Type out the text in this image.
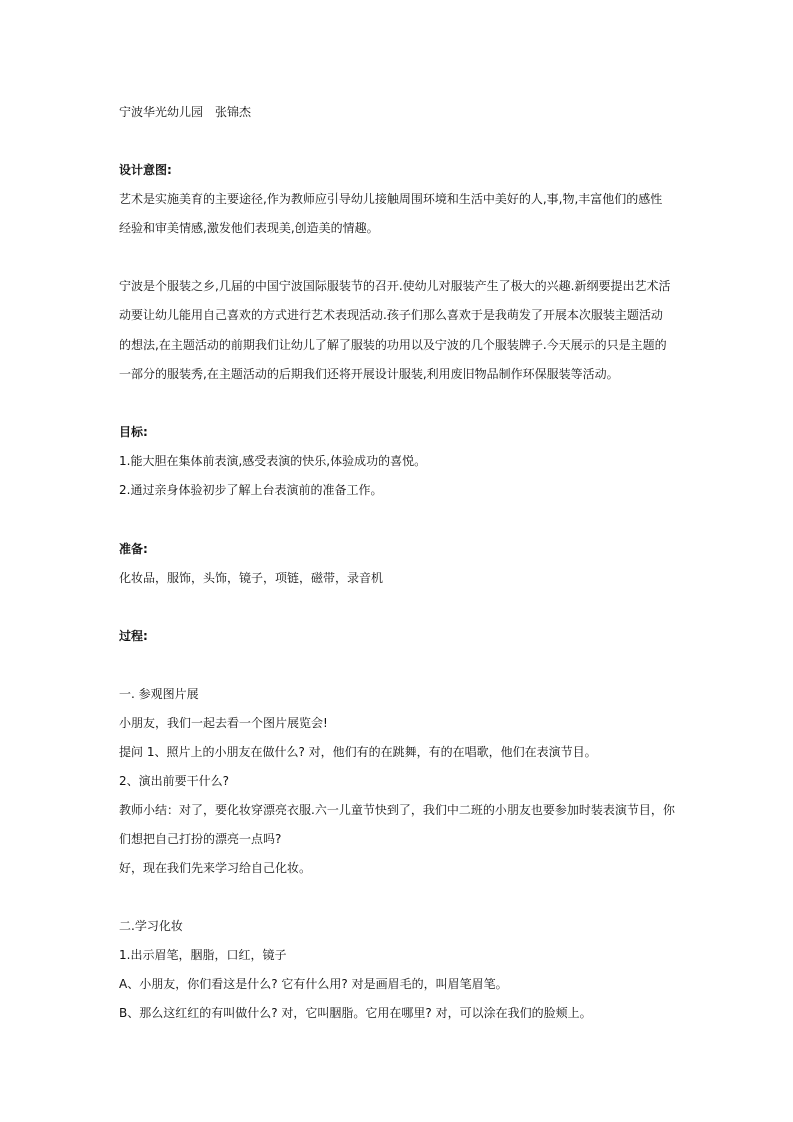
宁波华光幼儿园　张锦杰

设计意图:

艺术是实施美育的主要途径,作为教师应引导幼儿接触周围环境和生活中美好的人,事,物,丰富他们的感性

经验和审美情感,激发他们表现美,创造美的情趣。

宁波是个服装之乡,几届的中国宁波国际服装节的召开.使幼儿对服装产生了极大的兴趣.新纲要提出艺术活

动要让幼儿能用自己喜欢的方式进行艺术表现活动.孩子们那么喜欢于是我萌发了开展本次服装主题活动

的想法,在主题活动的前期我们让幼儿了解了服装的功用以及宁波的几个服装牌子.今天展示的只是主题的

一部分的服装秀,在主题活动的后期我们还将开展设计服装,利用废旧物品制作环保服装等活动。

目标:

1.能大胆在集体前表演,感受表演的快乐,体验成功的喜悦。

2.通过亲身体验初步了解上台表演前的准备工作。

准备:

化妆品，服饰，头饰，镜子，项链，磁带，录音机

过程:

一. 参观图片展

小朋友，我们一起去看一个图片展览会!

提问 1、照片上的小朋友在做什么? 对，他们有的在跳舞，有的在唱歌，他们在表演节目。

2、演出前要干什么?

教师小结：对了，要化妆穿漂亮衣服.六一儿童节快到了，我们中二班的小朋友也要参加时装表演节目，你

们想把自己打扮的漂亮一点吗?

好，现在我们先来学习给自己化妆。

二.学习化妆

1.出示眉笔，胭脂，口红，镜子

A、小朋友，你们看这是什么? 它有什么用? 对是画眉毛的，叫眉笔眉笔。

B、那么这红红的有叫做什么? 对，它叫胭脂。它用在哪里? 对，可以涂在我们的脸颊上。
